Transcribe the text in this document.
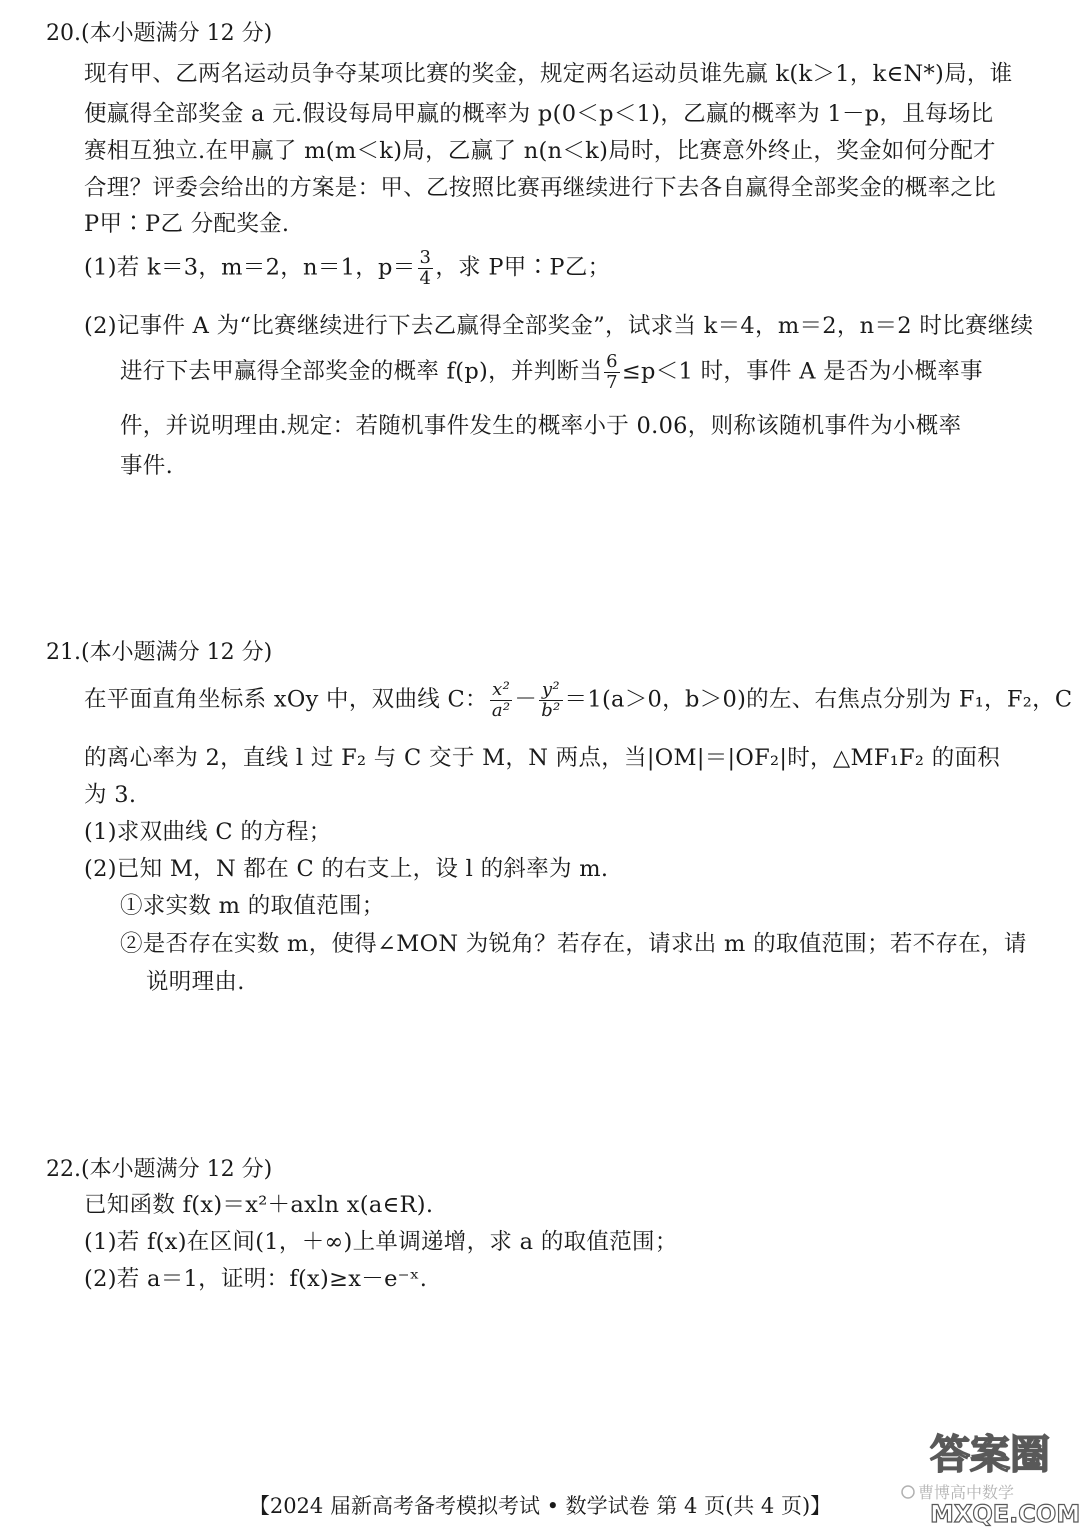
20.(本小题满分 12 分)
现有甲、乙两名运动员争夺某项比赛的奖金，规定两名运动员谁先赢 k(k＞1，k∈N*)局，谁
便赢得全部奖金 a 元.假设每局甲赢的概率为 p(0＜p＜1)，乙赢的概率为 1－p，且每场比
赛相互独立.在甲赢了 m(m＜k)局，乙赢了 n(n＜k)局时，比赛意外终止，奖金如何分配才
合理？评委会给出的方案是：甲、乙按照比赛再继续进行下去各自赢得全部奖金的概率之比
P甲∶P乙 分配奖金.
(1)若 k＝3，m＝2，n＝1，$p= \frac{3}{4}$ ，求 P甲∶P乙；
(2)记事件 A 为“比赛继续进行下去乙赢得全部奖金”，试求当 k＝4，m＝2，n＝2 时比赛继续
进行下去甲赢得全部奖金的概率 f(p)，并判断当 $\frac{6}{7} \le p<1$ 时，事件 A 是否为小概率事
件，并说明理由.规定：若随机事件发生的概率小于 0.06，则称该随机事件为小概率
事件.
21.(本小题满分 12 分)
在平面直角坐标系 xOy 中，双曲线 C： $\frac{\text{x²}}{\text{a²}} - \frac{\text{y²}}{\text{b²}} =1(a>0$，b＞0)的左、右焦点分别为 F₁，F₂，C
的离心率为 2，直线 l 过 F₂ 与 C 交于 M，N 两点，当|OM|＝|OF₂|时，△MF₁F₂ 的面积
为 3.
(1)求双曲线 C 的方程；
(2)已知 M，N 都在 C 的右支上，设 l 的斜率为 m.
①求实数 m 的取值范围；
②是否存在实数 m，使得∠MON 为锐角？若存在，请求出 m 的取值范围；若不存在，请
说明理由.
22.(本小题满分 12 分)
已知函数 f(x)＝x²＋axln x(a∈R).
(1)若 f(x)在区间(1，＋∞)上单调递增，求 a 的取值范围；
(2)若 a＝1，证明：f(x)≥x－e⁻ˣ.
【2024 届新高考备考模拟考试 • 数学试卷 第 4 页(共 4 页)】
曹博高中数学
答案圈
MXQE.COM
